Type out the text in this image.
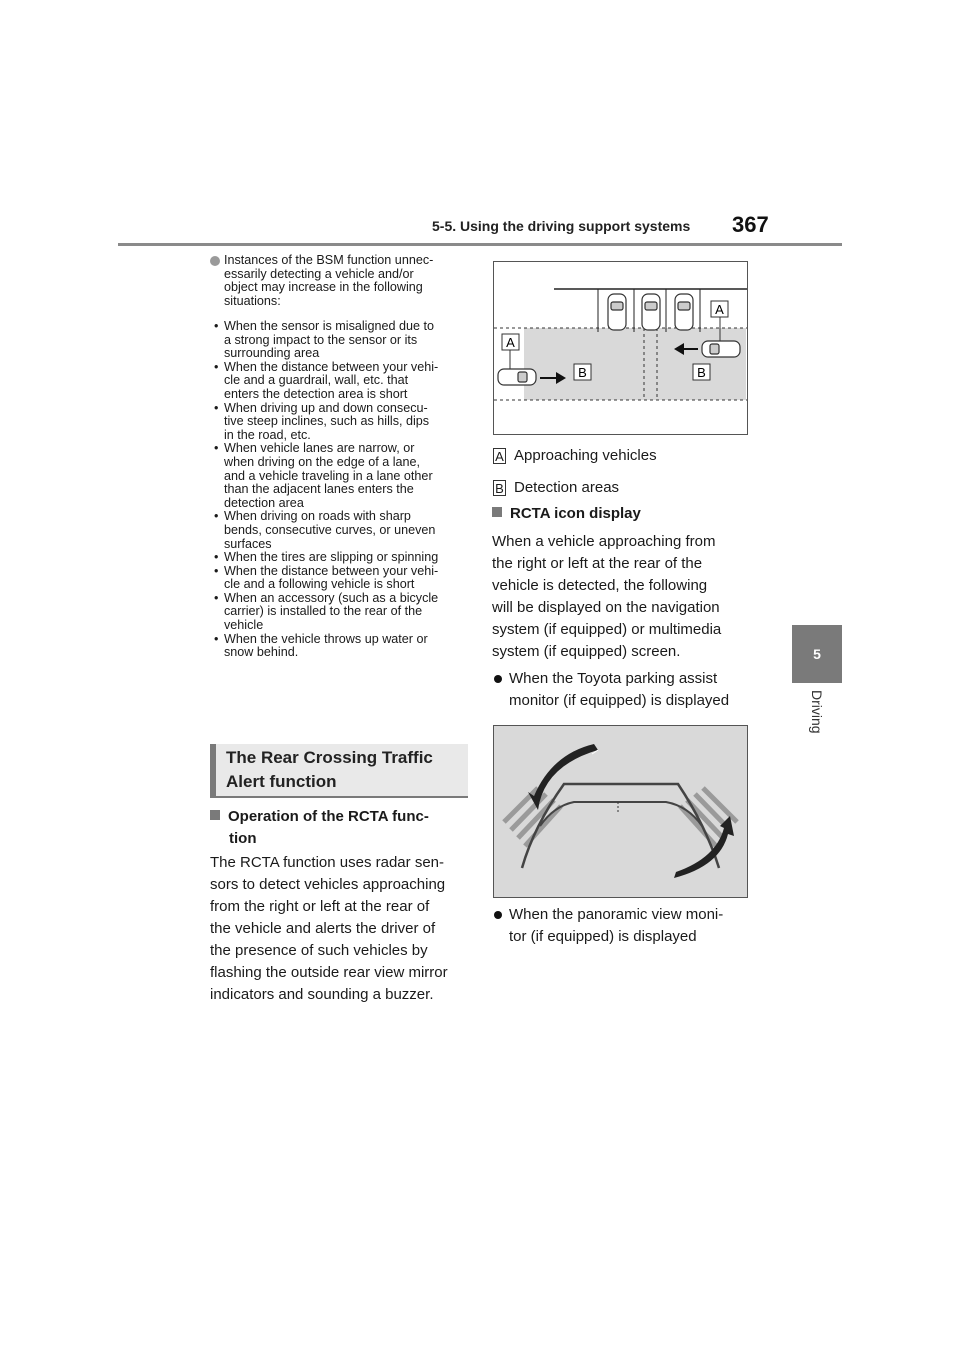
5-5. Using the driving support systems 367
5
Driving
Instances of the BSM function unnec-
essarily detecting a vehicle and/or
object may increase in the following
situations:
• When the sensor is misaligned due to
a strong impact to the sensor or its
surrounding area
• When the distance between your vehi-
cle and a guardrail, wall, etc. that
enters the detection area is short
• When driving up and down consecu-
tive steep inclines, such as hills, dips
in the road, etc.
• When vehicle lanes are narrow, or
when driving on the edge of a lane,
and a vehicle traveling in a lane other
than the adjacent lanes enters the
detection area
• When driving on roads with sharp
bends, consecutive curves, or uneven
surfaces
• When the tires are slipping or spinning
• When the distance between your vehi-
cle and a following vehicle is short
• When an accessory (such as a bicycle
carrier) is installed to the rear of the
vehicle
• When the vehicle throws up water or
snow behind.
The Rear Crossing Traffic
Alert function
Operation of the RCTA func-
tion
The RCTA function uses radar sen-
sors to detect vehicles approaching
from the right or left at the rear of
the vehicle and alerts the driver of
the presence of such vehicles by
flashing the outside rear view mirror
indicators and sounding a buzzer.
A
A
B	B
A Approaching vehicles
B Detection areas
RCTA icon display
When a vehicle approaching from
the right or left at the rear of the
vehicle is detected, the following
will be displayed on the navigation
system (if equipped) or multimedia
system (if equipped) screen.
When the Toyota parking assist
monitor (if equipped) is displayed
When the panoramic view moni-
tor (if equipped) is displayed
